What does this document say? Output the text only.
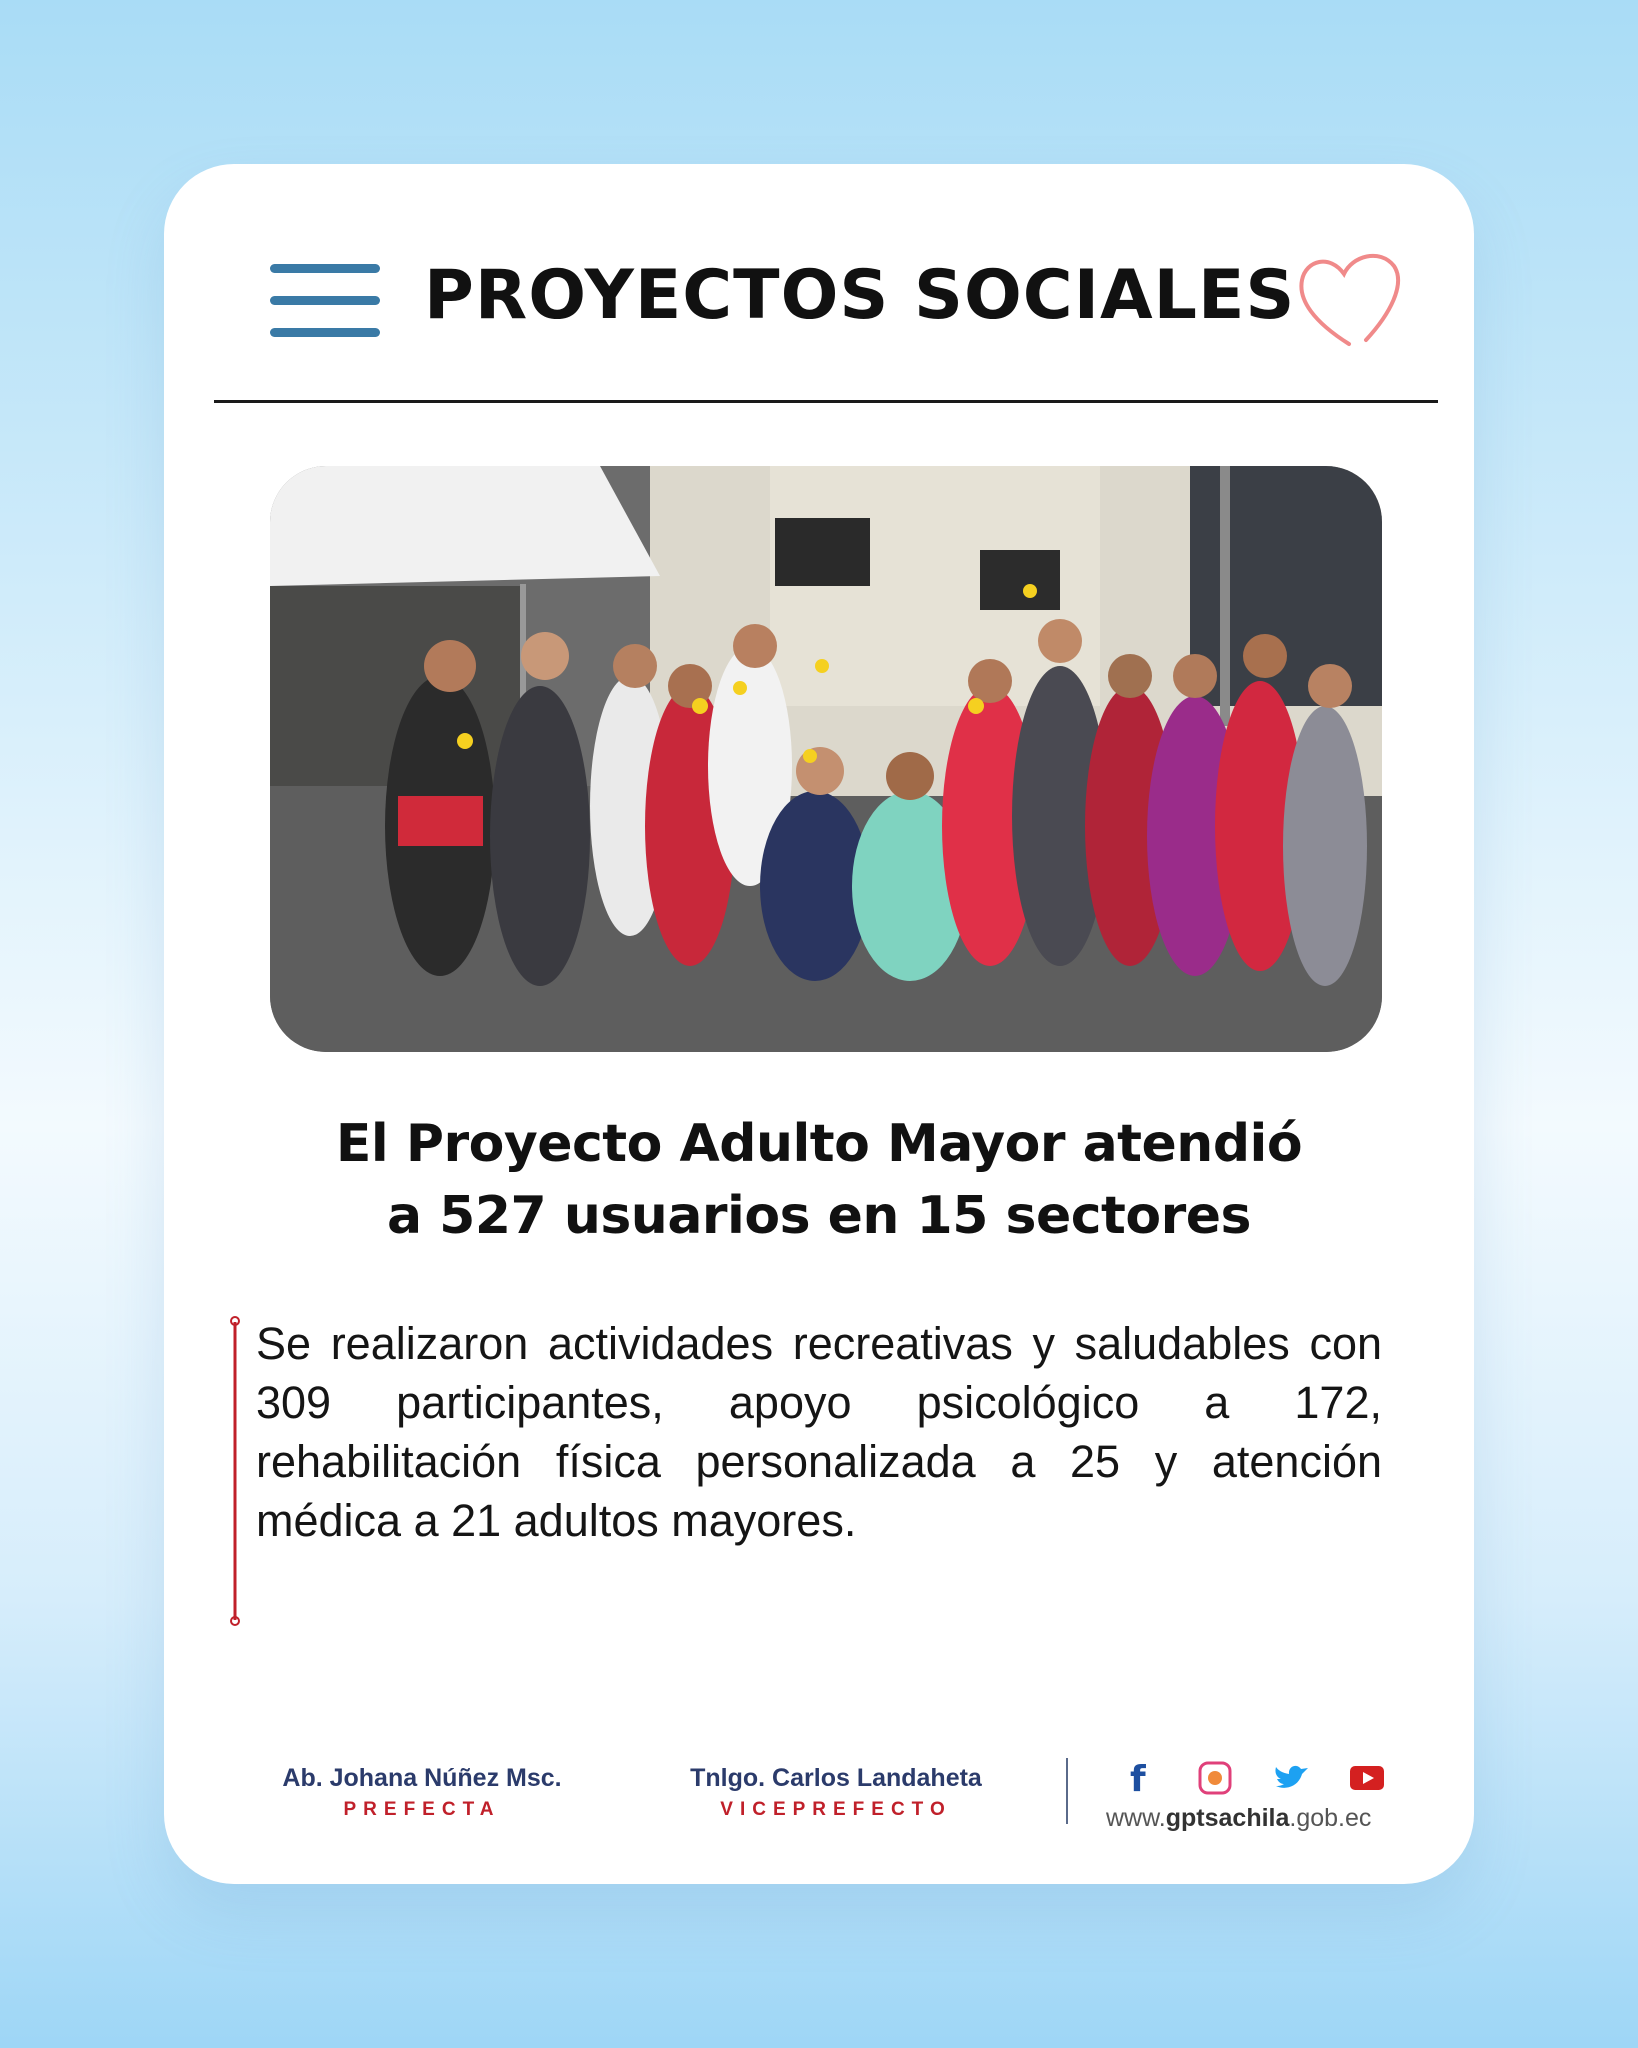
PROYECTOS SOCIALES
El Proyecto Adulto Mayor atendió
a 527 usuarios en 15 sectores
Se realizaron actividades recreativas y saludables con 309 participantes, apoyo psicológico a 172, rehabilitación física personalizada a 25 y atención médica a 21 adultos mayores.
Ab. Johana Núñez Msc.
PREFECTA
Tnlgo. Carlos Landaheta
VICEPREFECTO
f
www.gptsachila.gob.ec
